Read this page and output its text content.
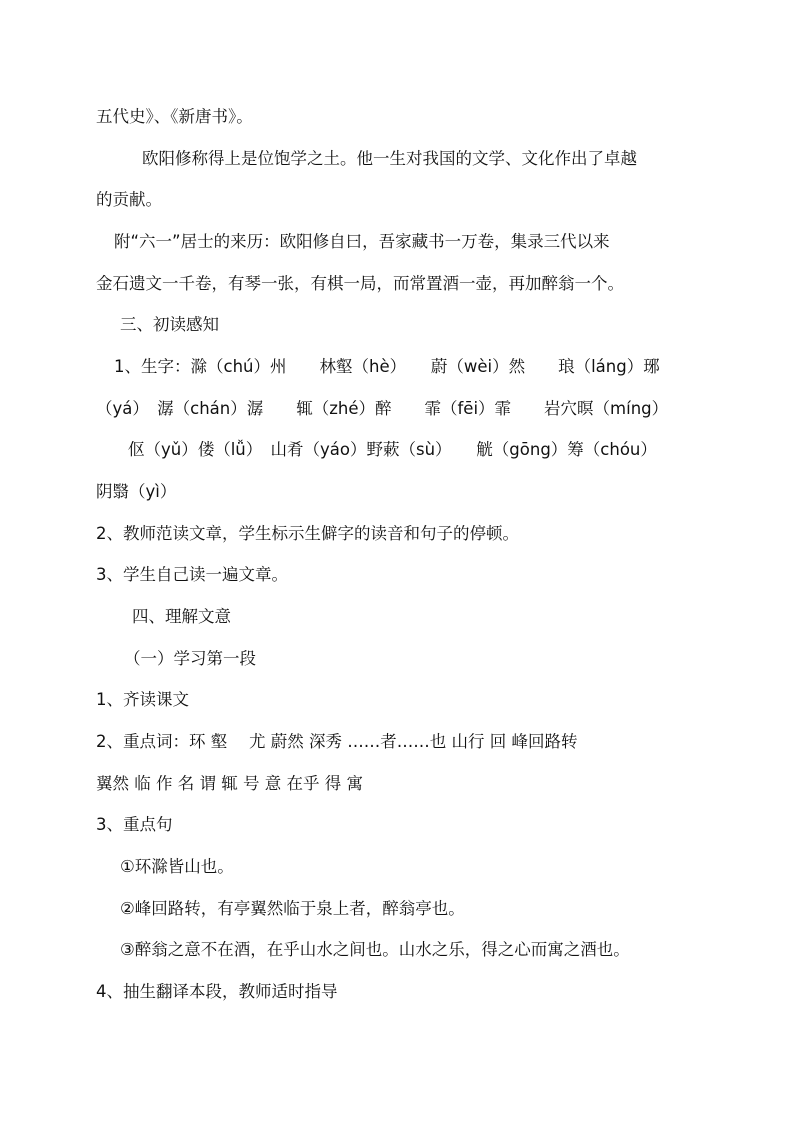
五代史》、《新唐书》。
欧阳修称得上是位饱学之土。他一生对我国的文学、文化作出了卓越
的贡献。
附“六一”居士的来历：欧阳修自曰，吾家藏书一万卷，集录三代以来
金石遗文一千卷，有琴一张，有棋一局，而常置酒一壶，再加醉翁一个。
三、初读感知
1、生字：滁（chú）州　　林壑（hè）　　蔚（wèi）然　　琅（láng）琊
（yá）　潺（chán）潺　　辄（zhé）醉　　霏（fēi）霏　　岩穴暝（míng）
伛（yǔ）偻（lǚ）　山肴（yáo）野蔌（sù）　　觥（gōng）筹（chóu）
阴翳（yì）
2、教师范读文章，学生标示生僻字的读音和句子的停顿。
3、学生自己读一遍文章。
四、理解文意
（一）学习第一段
1、齐读课文
2、重点词：环 壑　 尤 蔚然 深秀 ……者……也 山行 回 峰回路转
翼然 临 作 名 谓 辄 号 意 在乎 得 寓
3、重点句
①环滁皆山也。
②峰回路转，有亭翼然临于泉上者，醉翁亭也。
③醉翁之意不在酒，在乎山水之间也。山水之乐，得之心而寓之酒也。
4、抽生翻译本段，教师适时指导
